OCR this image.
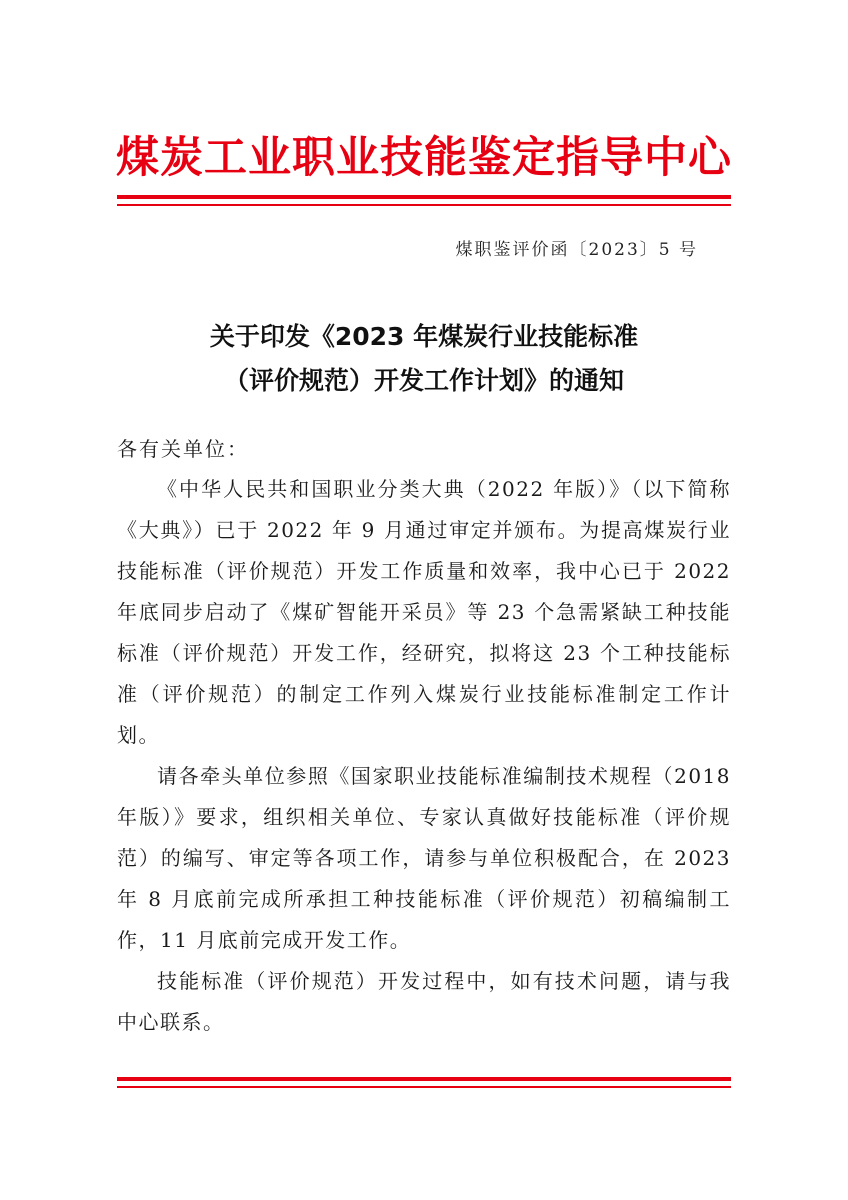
煤炭工业职业技能鉴定指导中心
煤职鉴评价函〔2023〕5 号
关于印发《2023 年煤炭行业技能标准
（评价规范）开发工作计划》的通知
各有关单位：

《中华人民共和国职业分类大典（2022 年版）》（以下简称《大典》）已于 2022 年 9 月通过审定并颁布。为提高煤炭行业技能标准（评价规范）开发工作质量和效率，我中心已于 2022 年底同步启动了《煤矿智能开采员》等 23 个急需紧缺工种技能标准（评价规范）开发工作，经研究，拟将这 23 个工种技能标准（评价规范）的制定工作列入煤炭行业技能标准制定工作计划。

请各牵头单位参照《国家职业技能标准编制技术规程（2018 年版）》要求，组织相关单位、专家认真做好技能标准（评价规范）的编写、审定等各项工作，请参与单位积极配合，在 2023 年 8 月底前完成所承担工种技能标准（评价规范）初稿编制工作，11 月底前完成开发工作。

技能标准（评价规范）开发过程中，如有技术问题，请与我中心联系。
